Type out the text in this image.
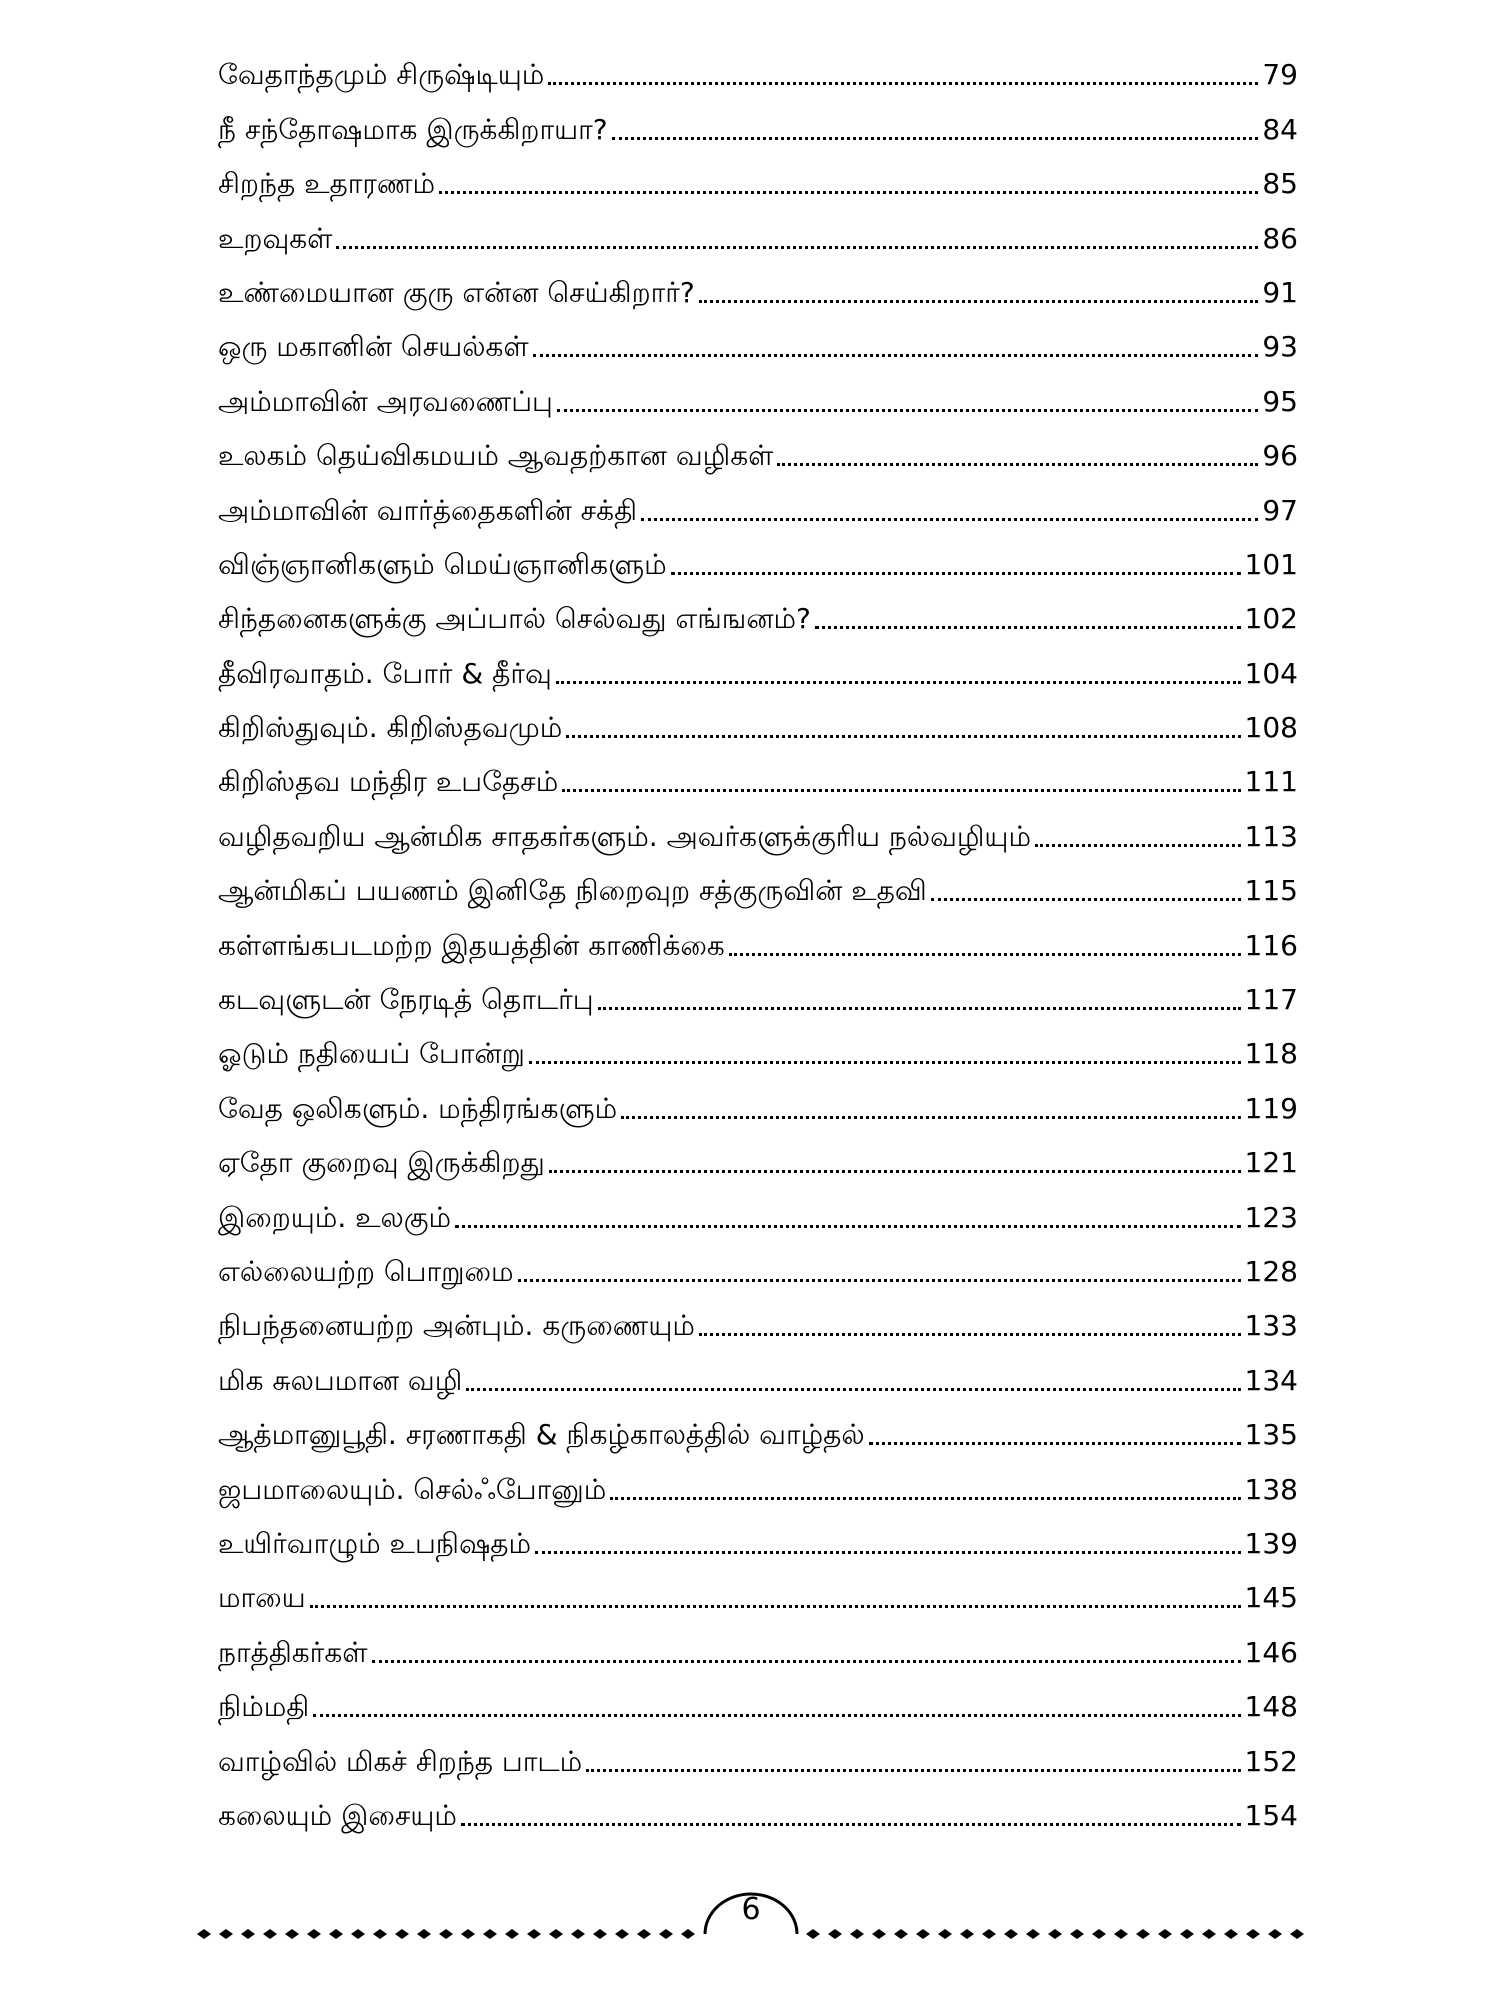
வேதாந்தமும் சிருஷ்டியும்	79
நீ சந்தோஷமாக இருக்கிறாயா?	84
சிறந்த உதாரணம்	85
உறவுகள்	86
உண்மையான குரு என்ன செய்கிறார்?	91
ஒரு மகானின் செயல்கள்	93
அம்மாவின் அரவணைப்பு	95
உலகம் தெய்விகமயம் ஆவதற்கான வழிகள்	96
அம்மாவின் வார்த்தைகளின் சக்தி	97
விஞ்ஞானிகளும் மெய்ஞானிகளும்	101
சிந்தனைகளுக்கு அப்பால் செல்வது எங்ஙனம்?	102
தீவிரவாதம். போர் & தீர்வு	104
கிறிஸ்துவும். கிறிஸ்தவமும்	108
கிறிஸ்தவ மந்திர உபதேசம்	111
வழிதவறிய ஆன்மிக சாதகர்களும். அவர்களுக்குரிய நல்வழியும்	113
ஆன்மிகப் பயணம் இனிதே நிறைவுற சத்குருவின் உதவி	115
கள்ளங்கபடமற்ற இதயத்தின் காணிக்கை	116
கடவுளுடன் நேரடித் தொடர்பு	117
ஓடும் நதியைப் போன்று	118
வேத ஒலிகளும். மந்திரங்களும்	119
ஏதோ குறைவு இருக்கிறது	121
இறையும். உலகும்	123
எல்லையற்ற பொறுமை	128
நிபந்தனையற்ற அன்பும். கருணையும்	133
மிக சுலபமான வழி	134
ஆத்மானுபூதி. சரணாகதி & நிகழ்காலத்தில் வாழ்தல்	135
ஜபமாலையும். செல்ஃபோனும்	138
உயிர்வாழும் உபநிஷதம்	139
மாயை	145
நாத்திகர்கள்	146
நிம்மதி	148
வாழ்வில் மிகச் சிறந்த பாடம்	152
கலையும் இசையும்	154
6
